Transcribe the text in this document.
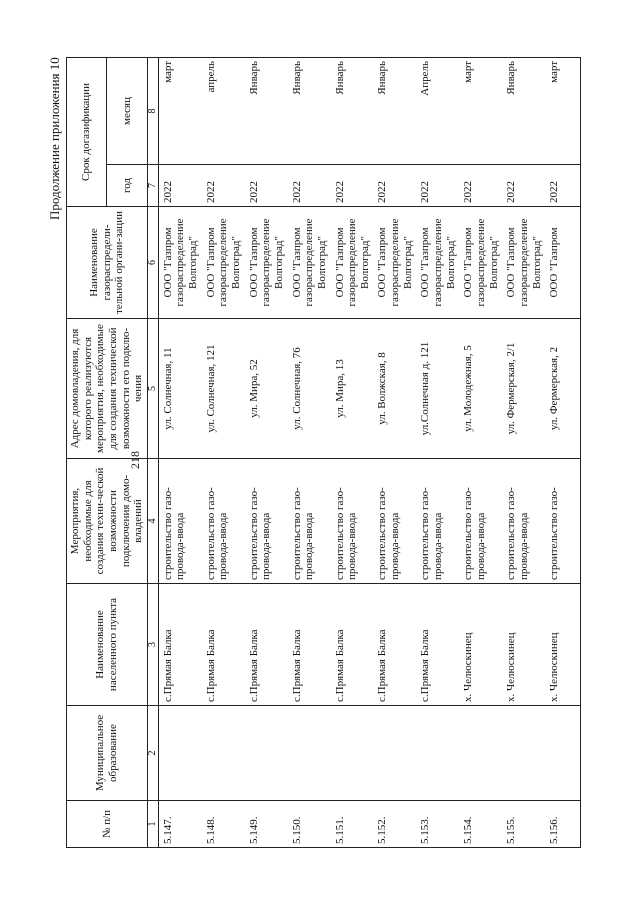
Продолжение приложения 10
218
№ п/п	Муниципальное образование	Наименование населенного пункта	Мероприятия, необходимые для создания техни-ческой возможности подключения домо-владений	Адрес домовладения, для которого реализуются мероприятия, необходимые для создания технической возможности его подклю-чения	Наименование газораспредели-тельной органи-зации	Срок догазификации	
						год	месяц
1	2	3	4	5	6	7	8
5.147.		с.Прямая Балка	строительство газо-провода-ввода	ул. Солнечная, 11	ООО "Газпром газораспределение Волгоград"	2022	март
5.148.		с.Прямая Балка	строительство газо-провода-ввода	ул. Солнечная, 121	ООО "Газпром газораспределение Волгоград"	2022	апрель
5.149.		с.Прямая Балка	строительство газо-провода-ввода	ул. Мира, 52	ООО "Газпром газораспределение Волгоград"	2022	Январь
5.150.		с.Прямая Балка	строительство газо-провода-ввода	ул. Солнечная, 76	ООО "Газпром газораспределение Волгоград"	2022	Январь
5.151.		с.Прямая Балка	строительство газо-провода-ввода	ул. Мира, 13	ООО "Газпром газораспределение Волгоград"	2022	Январь
5.152.		с.Прямая Балка	строительство газо-провода-ввода	ул. Волжская, 8	ООО "Газпром газораспределение Волгоград"	2022	Январь
5.153.		с.Прямая Балка	строительство газо-провода-ввода	ул.Солнечная д. 121	ООО "Газпром газораспределение Волгоград"	2022	Апрель
5.154.		х. Челюскинец	строительство газо-провода-ввода	ул. Молодежная, 5	ООО "Газпром газораспределение Волгоград"	2022	март
5.155.		х. Челюскинец	строительство газо-провода-ввода	ул. Фермерская, 2/1	ООО "Газпром газораспределение Волгоград"	2022	Январь
5.156.		х. Челюскинец	строительство газо-	ул. Фермерская, 2	ООО "Газпром	2022	март
